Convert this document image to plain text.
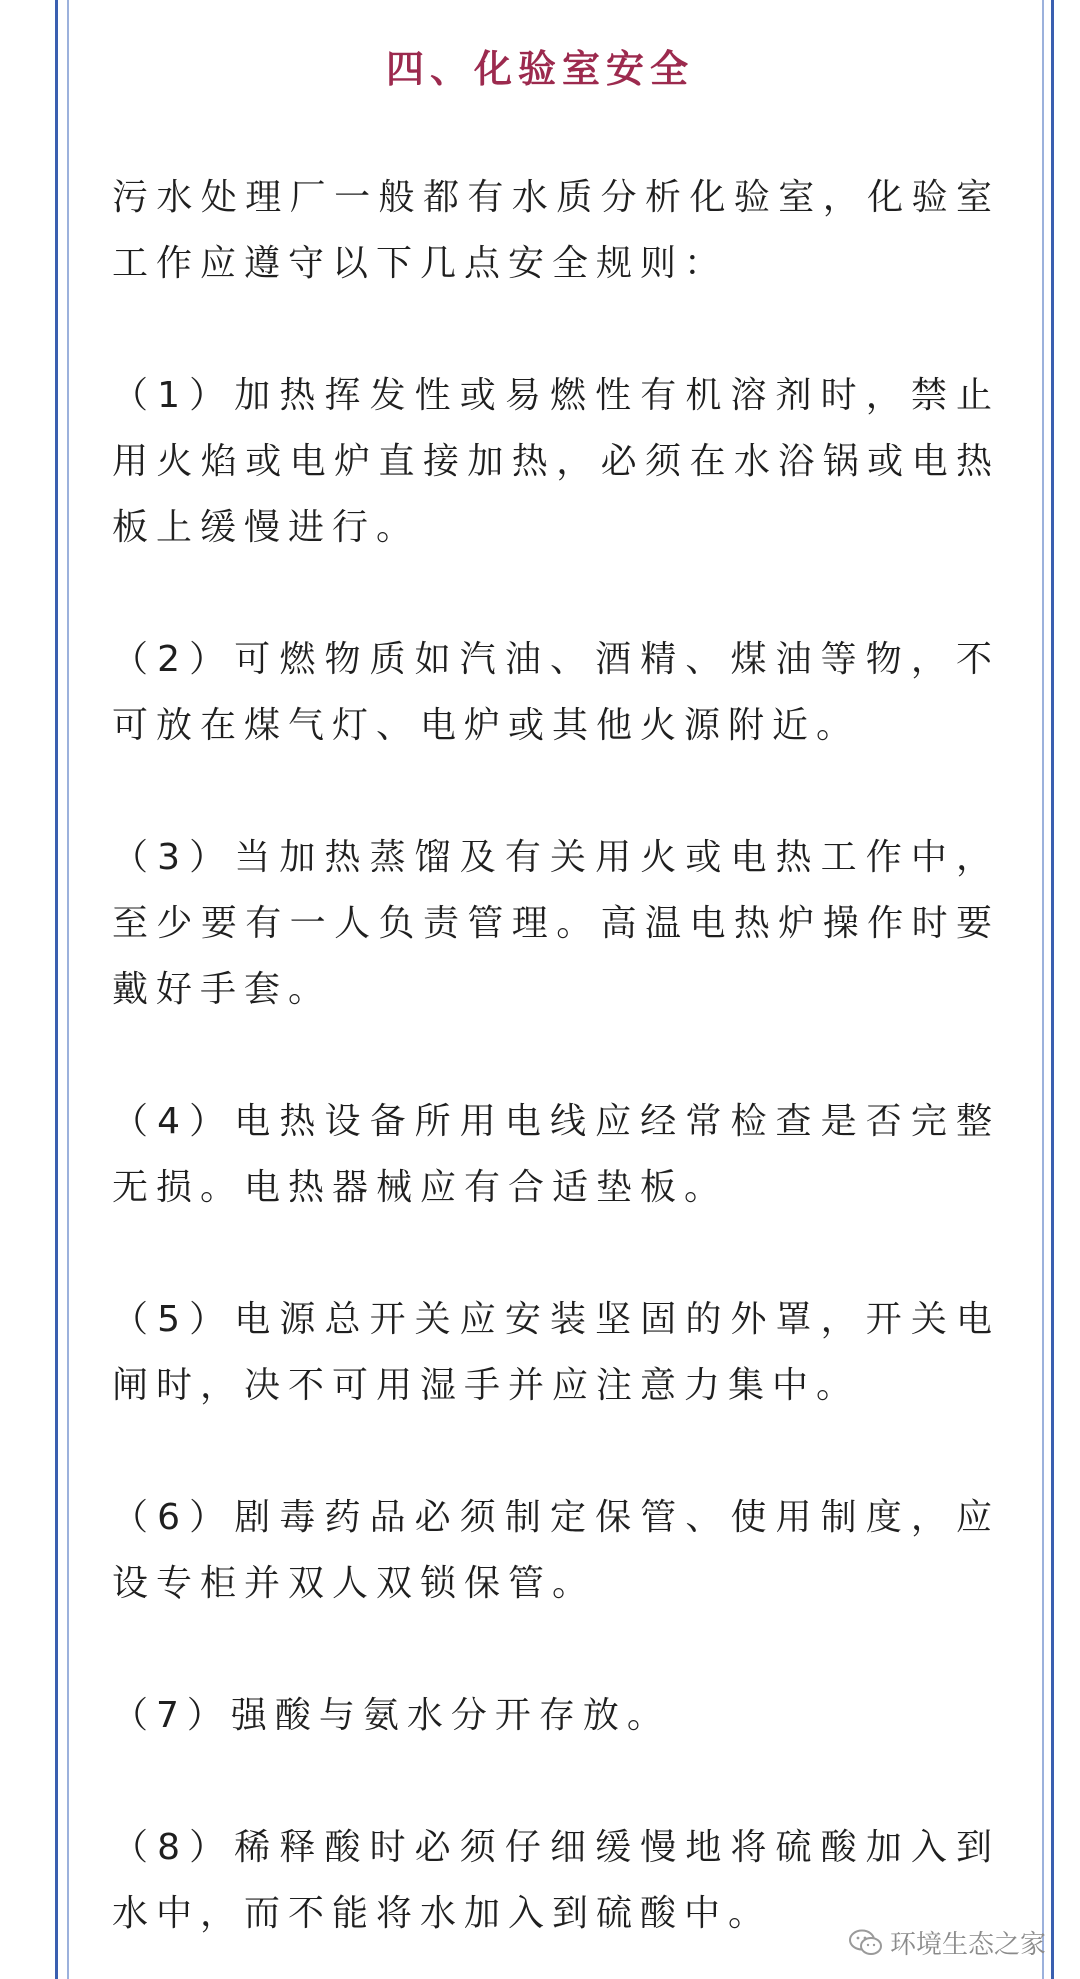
四、化验室安全

污水处理厂一般都有水质分析化验室，化验室工作应遵守以下几点安全规则：

（1）加热挥发性或易燃性有机溶剂时，禁止用火焰或电炉直接加热，必须在水浴锅或电热板上缓慢进行。

（2）可燃物质如汽油、酒精、煤油等物，不可放在煤气灯、电炉或其他火源附近。

（3）当加热蒸馏及有关用火或电热工作中，至少要有一人负责管理。高温电热炉操作时要戴好手套。

（4）电热设备所用电线应经常检查是否完整无损。电热器械应有合适垫板。

（5）电源总开关应安装坚固的外罩，开关电闸时，决不可用湿手并应注意力集中。

（6）剧毒药品必须制定保管、使用制度，应设专柜并双人双锁保管。

（7）强酸与氨水分开存放。

（8）稀释酸时必须仔细缓慢地将硫酸加入到水中，而不能将水加入到硫酸中。

环境生态之家
